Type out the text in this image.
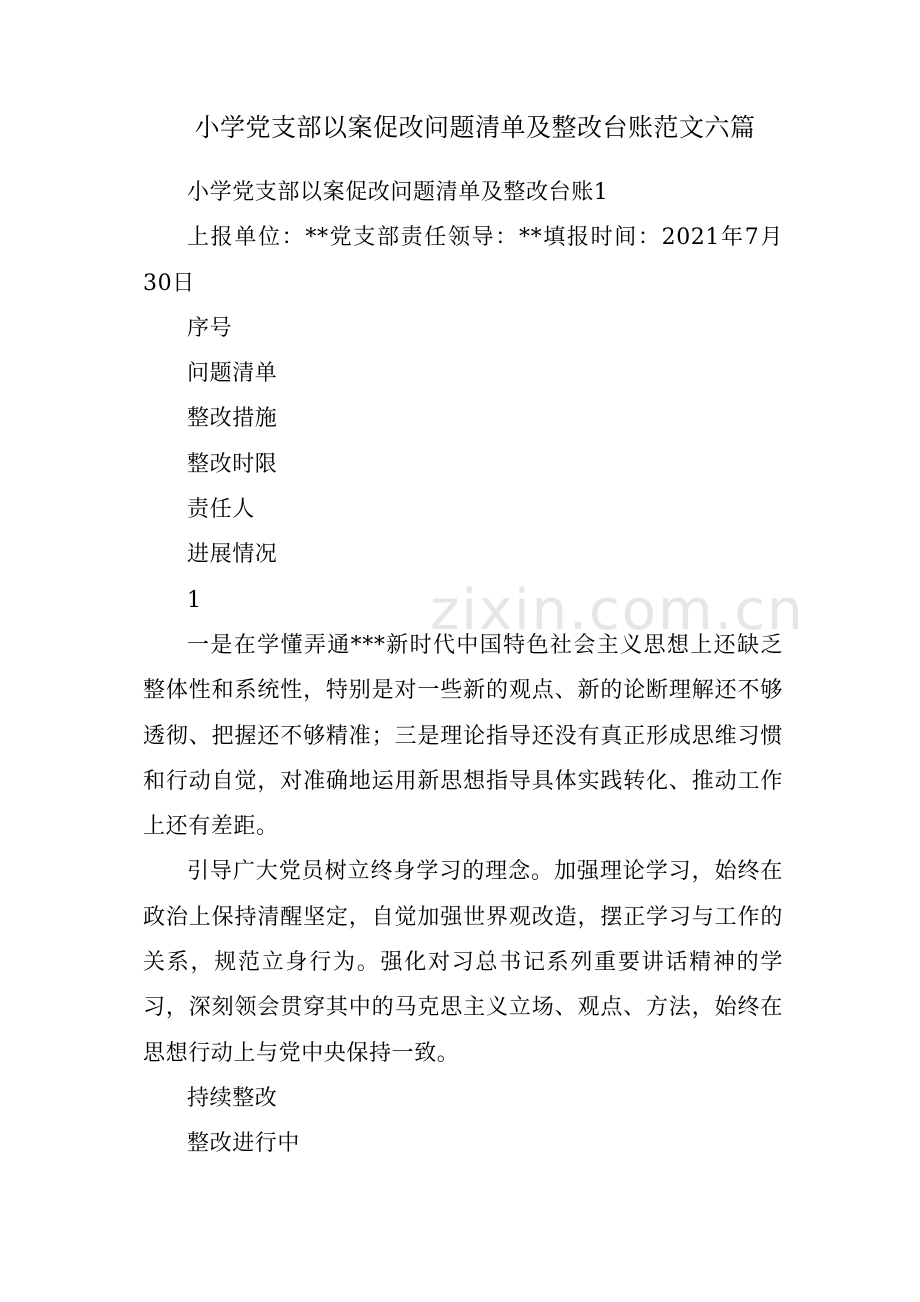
小学党支部以案促改问题清单及整改台账范文六篇

小学党支部以案促改问题清单及整改台账1

上报单位：**党支部责任领导：**填报时间：2021年7月30日

序号

问题清单

整改措施

整改时限

责任人

进展情况

1

一是在学懂弄通***新时代中国特色社会主义思想上还缺乏整体性和系统性，特别是对一些新的观点、新的论断理解还不够透彻、把握还不够精准；三是理论指导还没有真正形成思维习惯和行动自觉，对准确地运用新思想指导具体实践转化、推动工作上还有差距。

引导广大党员树立终身学习的理念。加强理论学习，始终在政治上保持清醒坚定，自觉加强世界观改造，摆正学习与工作的关系，规范立身行为。强化对习总书记系列重要讲话精神的学习，深刻领会贯穿其中的马克思主义立场、观点、方法，始终在思想行动上与党中央保持一致。

持续整改

整改进行中

zixin.com.cn
